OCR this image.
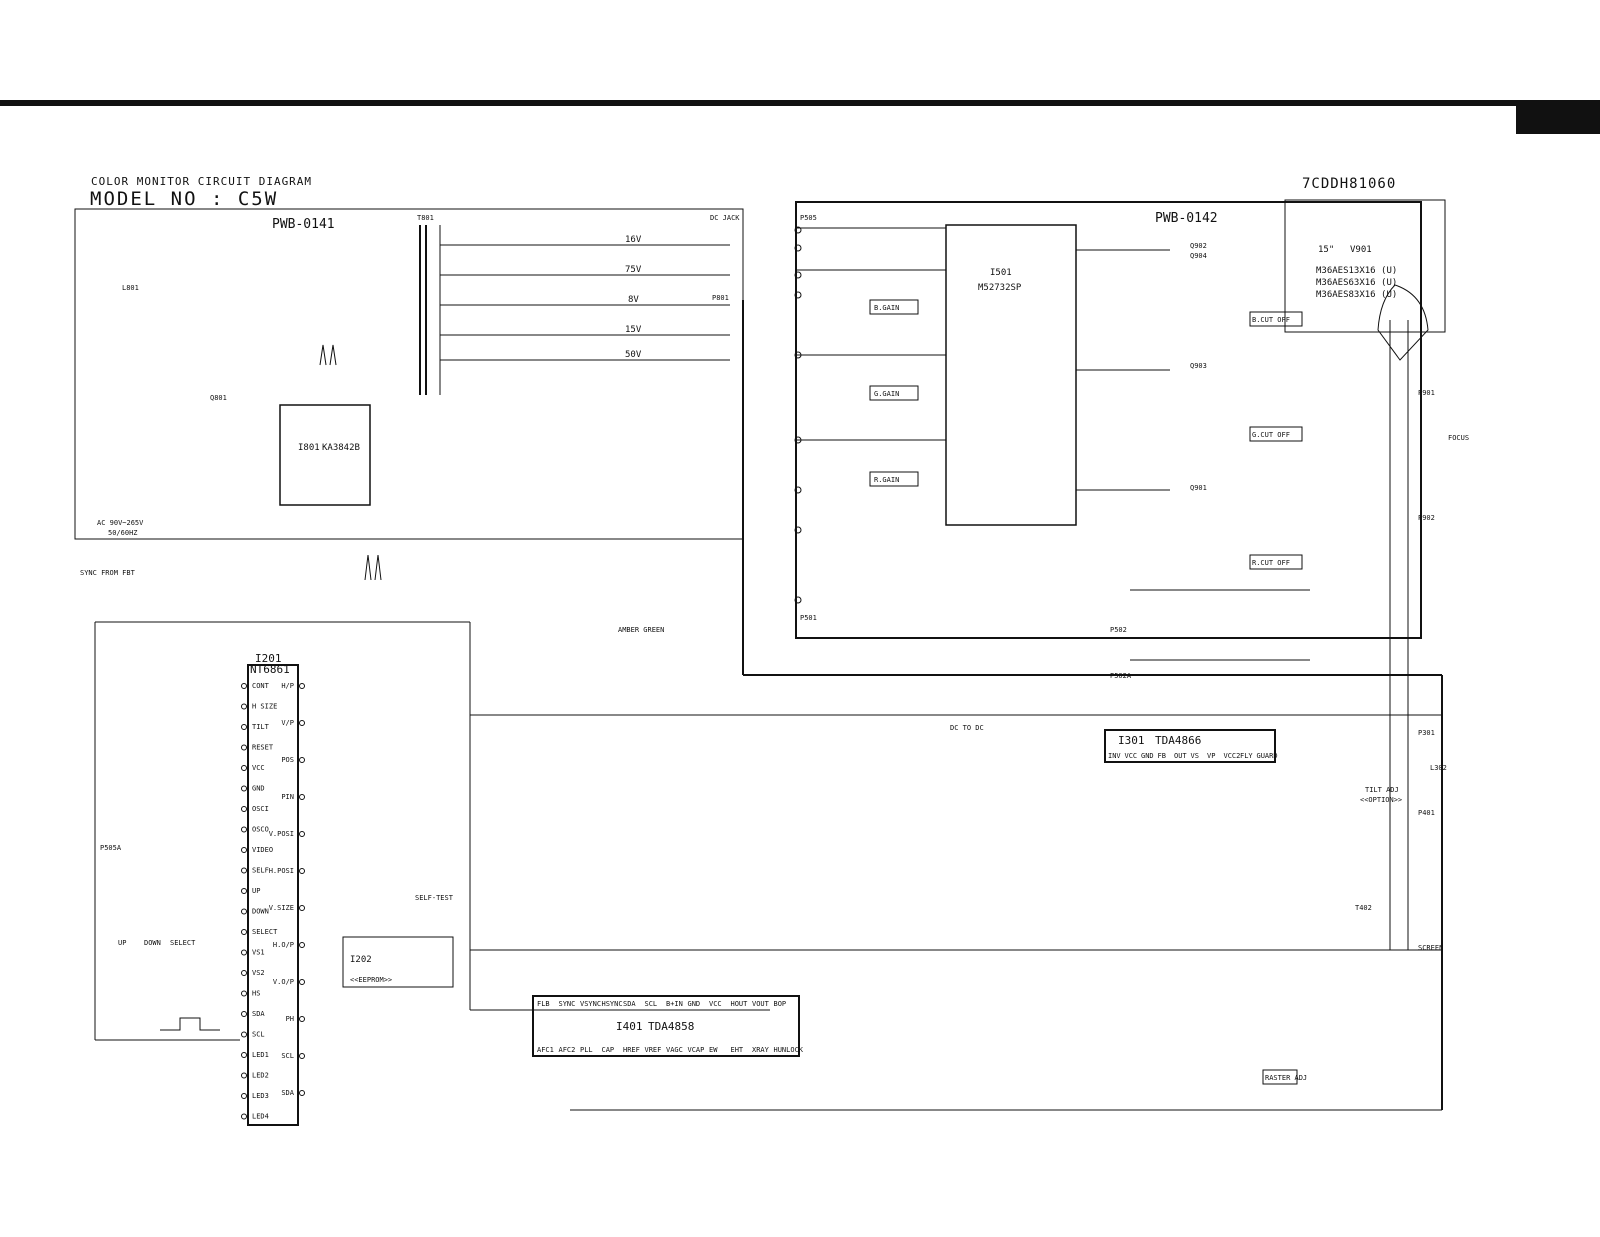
COLOR MONITOR CIRCUIT DIAGRAM
MODEL NO : C5W
7CDDH81060
PWB-0141	PWB-0142
15" V901
M36AES13X16 (U)
M36AES63X16 (U)
M36AES83X16 (U)
I201
NT6861
I501
M52732SP
I301 TDA4866
I401 TDA4858
I801 KA3842B
I202
<<EEPROM>>
16V
75V
8V
15V
50V
B.GAIN
G.GAIN
R.GAIN
B.CUT OFF
G.CUT OFF
R.CUT OFF
P801
P501
P502
P502A
P505
P505A
P902
P401
P301
P901
DC JACK
AC 90V~265V
50/60HZ
FOCUS
SCREEN
SELF-TEST
TILT ADJ
<<OPTION>>
RASTER ADJ
DC TO DC
AMBER GREEN
UP	DOWN SELECT
SYNC FROM FBT
L801
T801
T402
L302
Q801
Q901
Q902
Q903
Q904
CONT
H SIZE
TILT
RESET
VCC
GND
OSCI
OSCO
VIDEO
SELF
UP
DOWN
SELECT
VS1
VS2
HS
SDA
SCL
LED1
LED2
LED3
LED4
H/P
V/P
POS
PIN
V.POSI
H.POSI
V.SIZE
H.O/P
V.O/P
PH
SCL
SDA
FLB SYNC VSYNC HSYNC SDA SCL B+IN GND VCC HOUT VOUT BOP
AFC1 AFC2 PLL CAP HREF VREF VAGC VCAP EW EHT XRAY HUNLOCK
INV VCC GND FB OUT VS VP VCC2 FLY GUARD
